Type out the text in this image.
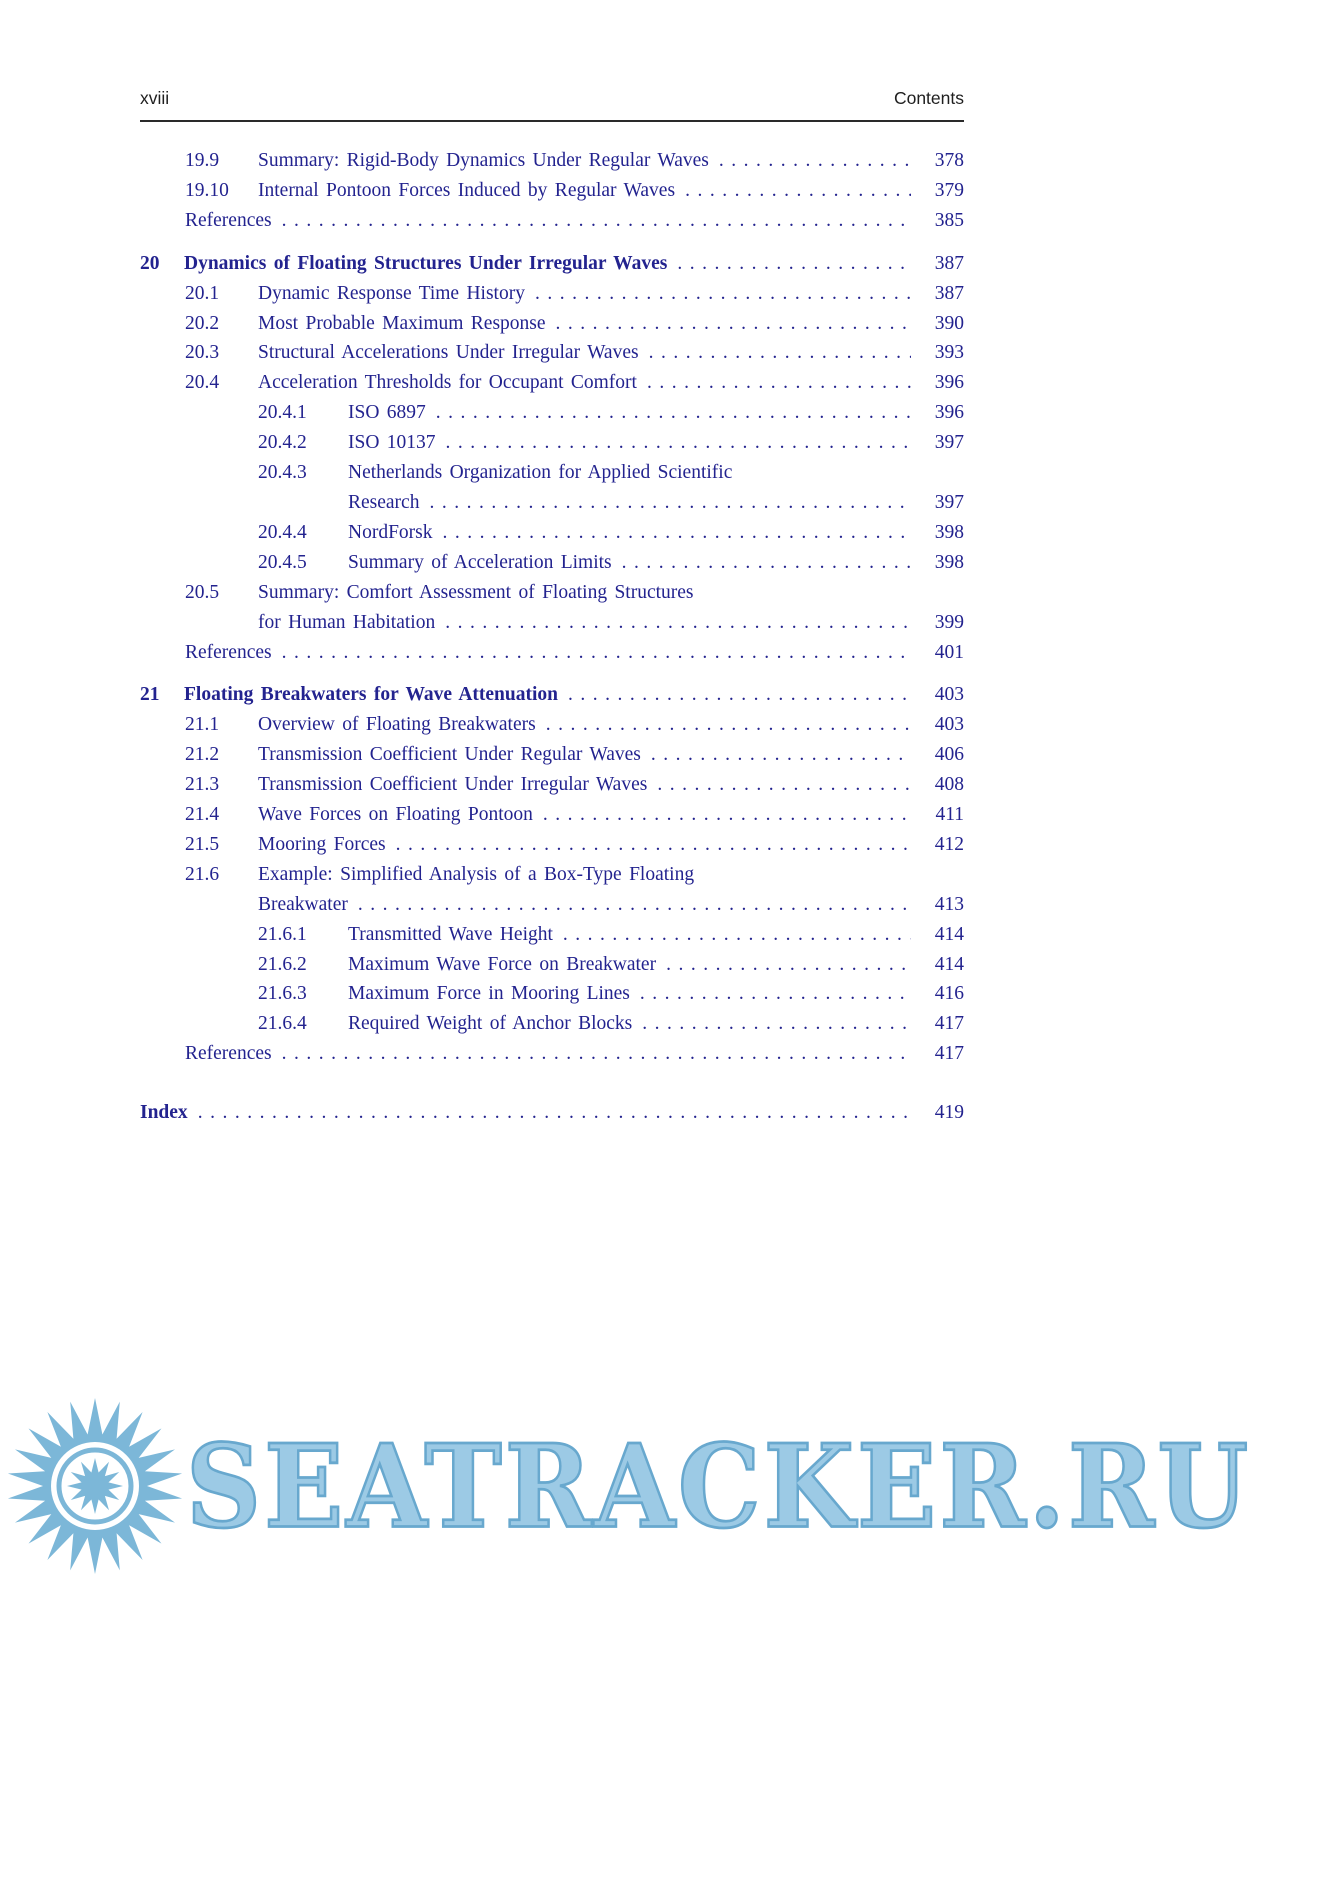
xviii	Contents
19.9	Summary: Rigid-Body Dynamics Under Regular Waves .....	378
19.10	Internal Pontoon Forces Induced by Regular Waves .....	379
References .....	385
20	Dynamics of Floating Structures Under Irregular Waves .....	387
20.1	Dynamic Response Time History .....	387
20.2	Most Probable Maximum Response .....	390
20.3	Structural Accelerations Under Irregular Waves .....	393
20.4	Acceleration Thresholds for Occupant Comfort .....	396
20.4.1	ISO 6897 .....	396
20.4.2	ISO 10137 .....	397
20.4.3	Netherlands Organization for Applied Scientific
Research .....	397
20.4.4	NordForsk .....	398
20.4.5	Summary of Acceleration Limits .....	398
20.5	Summary: Comfort Assessment of Floating Structures
for Human Habitation .....	399
References .....	401
21	Floating Breakwaters for Wave Attenuation .....	403
21.1	Overview of Floating Breakwaters .....	403
21.2	Transmission Coefficient Under Regular Waves .....	406
21.3	Transmission Coefficient Under Irregular Waves .....	408
21.4	Wave Forces on Floating Pontoon .....	411
21.5	Mooring Forces .....	412
21.6	Example: Simplified Analysis of a Box-Type Floating
Breakwater .....	413
21.6.1	Transmitted Wave Height .....	414
21.6.2	Maximum Wave Force on Breakwater .....	414
21.6.3	Maximum Force in Mooring Lines .....	416
21.6.4	Required Weight of Anchor Blocks .....	417
References .....	417
Index .....	419
SEATRACKER.RU
